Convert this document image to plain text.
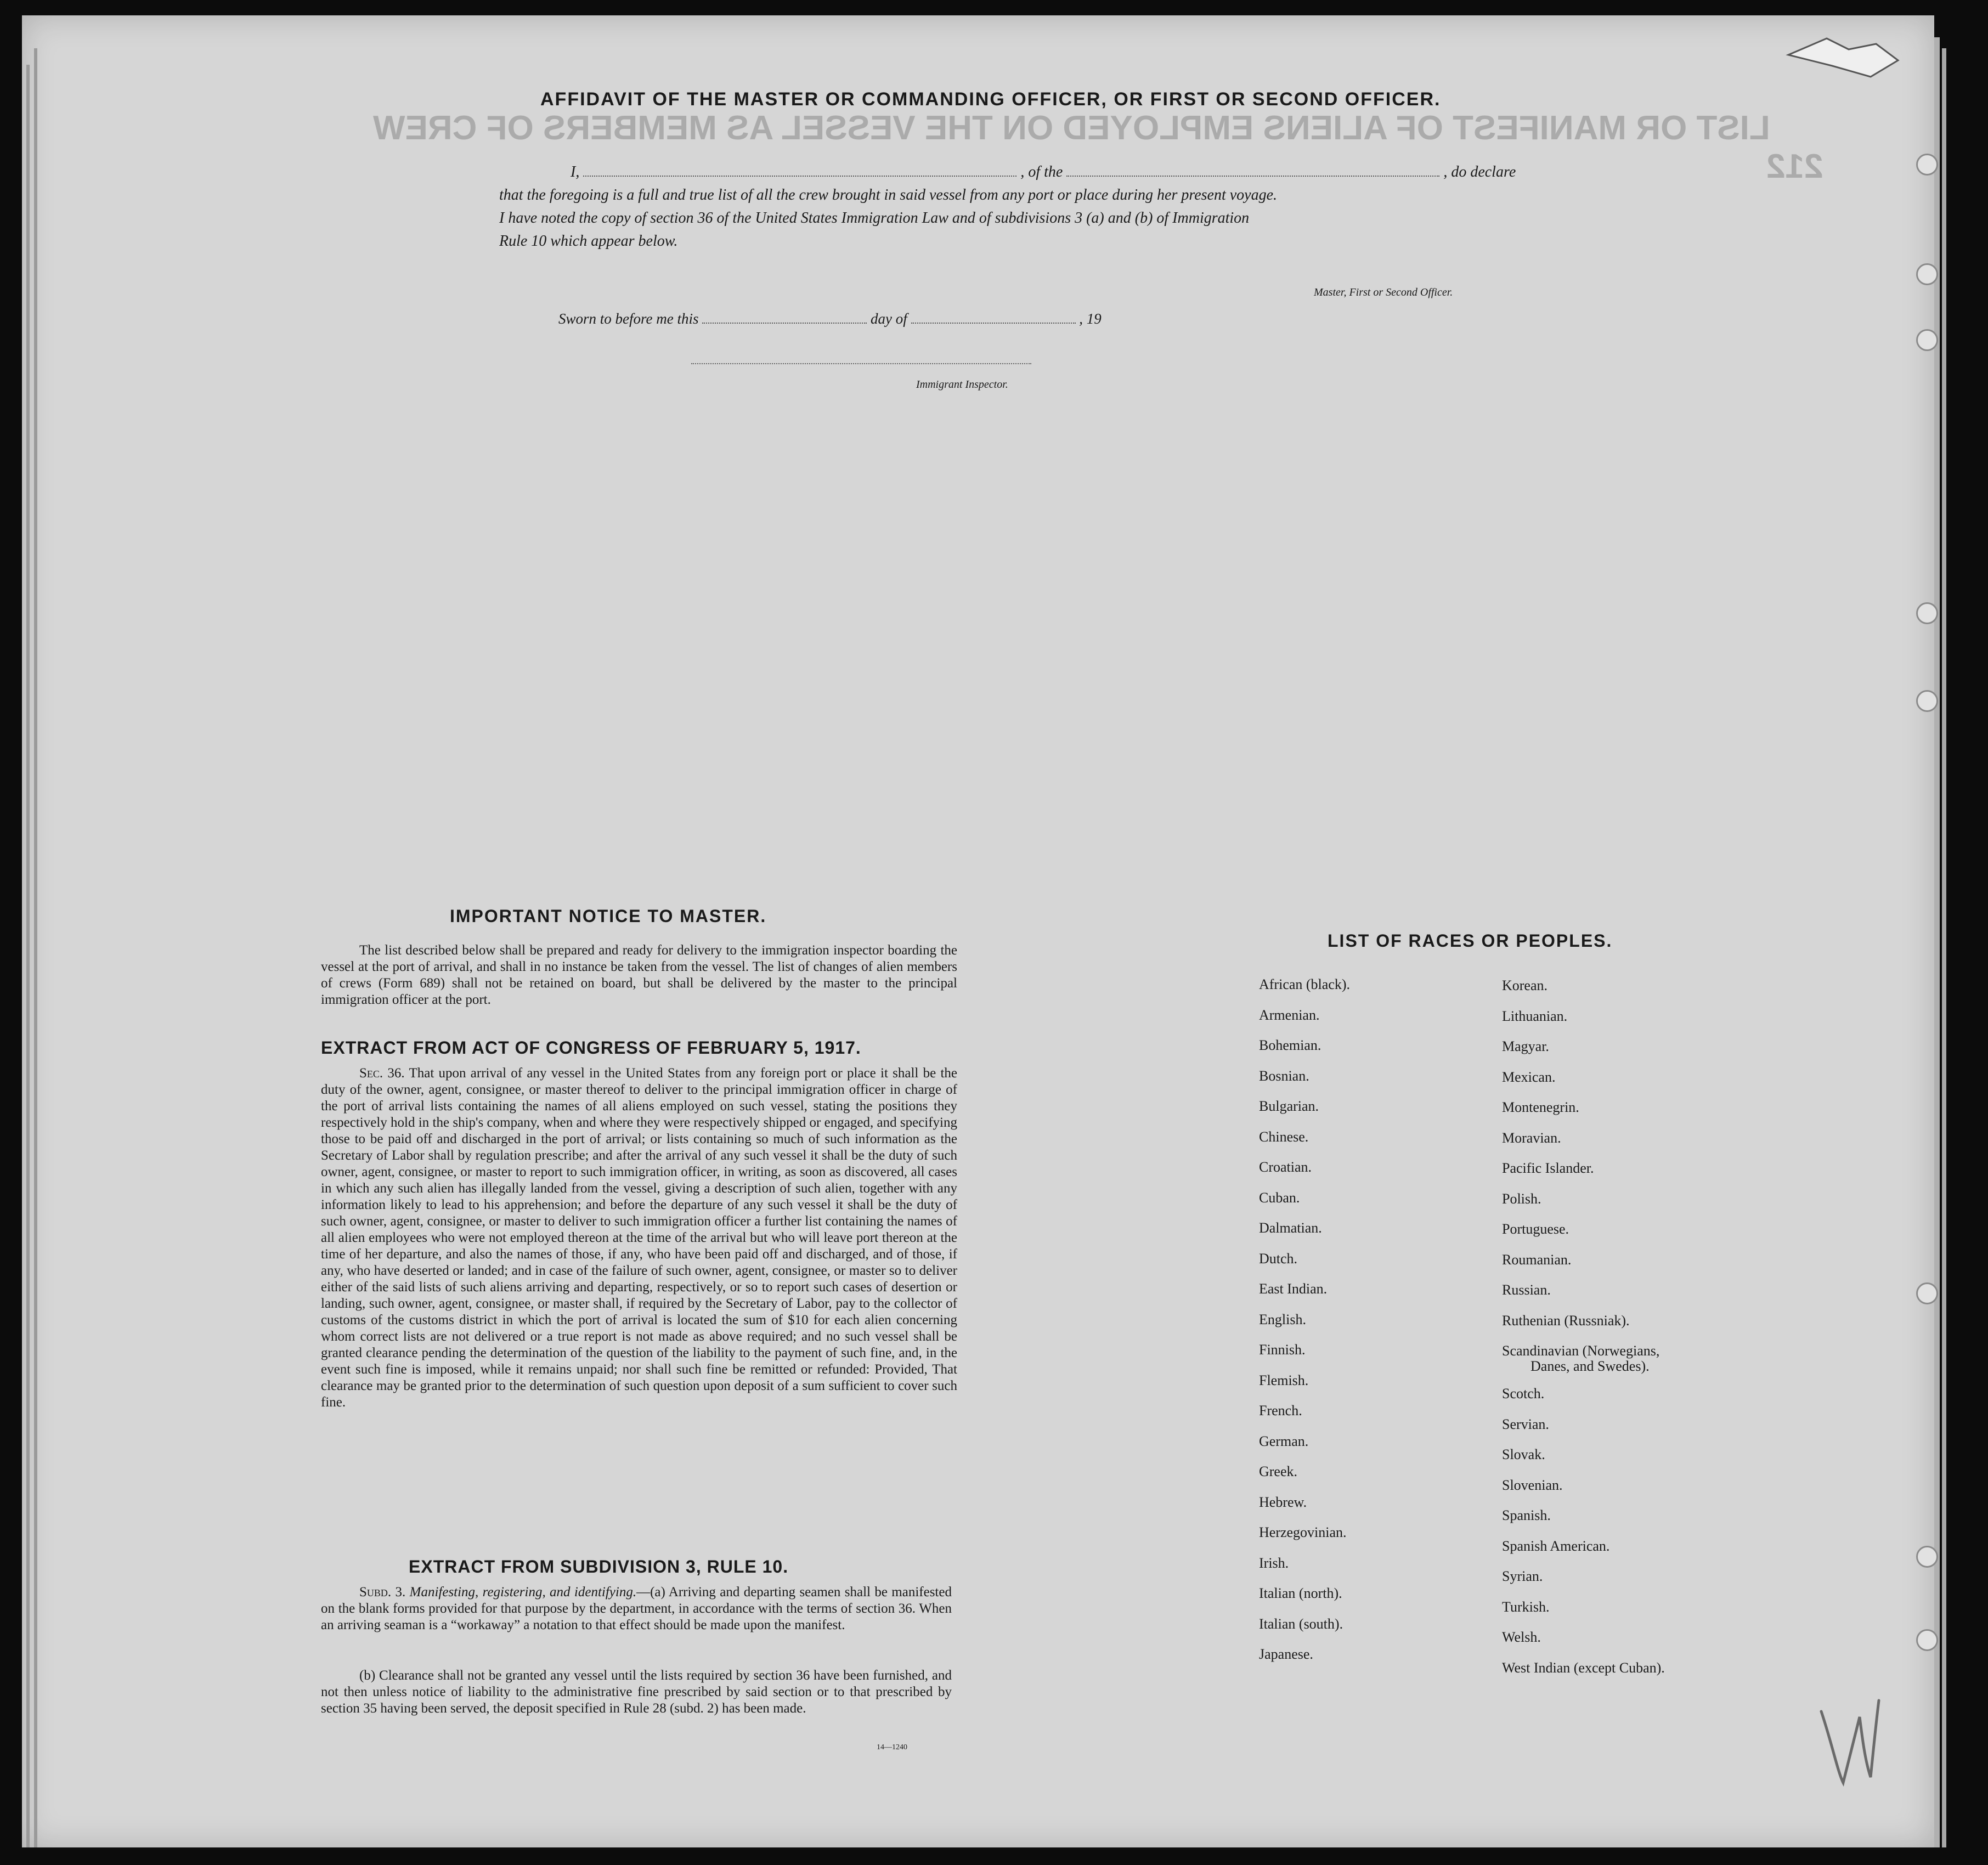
LIST OR MANIFEST OF ALIENS EMPLOYED ON THE VESSEL AS MEMBERS OF CREW
212
AFFIDAVIT OF THE MASTER OR COMMANDING OFFICER, OR FIRST OR SECOND OFFICER.
I,	, of the	, do declare
that the foregoing is a full and true list of all the crew brought in said vessel from any port or place during her present voyage.
I have noted the copy of section 36 of the United States Immigration Law and of subdivisions 3 (a) and (b) of Immigration
Rule 10 which appear below.
Master, First or Second Officer.
Sworn to before me this	day of	, 19
Immigrant Inspector.
IMPORTANT NOTICE TO MASTER.
The list described below shall be prepared and ready for delivery to the immigration inspector boarding the vessel at the port of arrival, and shall in no instance be taken from the vessel. The list of changes of alien members of crews (Form 689) shall not be retained on board, but shall be delivered by the master to the principal immigration officer at the port.
EXTRACT FROM ACT OF CONGRESS OF FEBRUARY 5, 1917.
Sec. 36. That upon arrival of any vessel in the United States from any foreign port or place it shall be the duty of the owner, agent, consignee, or master thereof to deliver to the principal immigration officer in charge of the port of arrival lists containing the names of all aliens employed on such vessel, stating the positions they respectively hold in the ship's company, when and where they were respectively shipped or engaged, and specifying those to be paid off and discharged in the port of arrival; or lists containing so much of such information as the Secretary of Labor shall by regulation prescribe; and after the arrival of any such vessel it shall be the duty of such owner, agent, consignee, or master to report to such immigration officer, in writing, as soon as discovered, all cases in which any such alien has illegally landed from the vessel, giving a description of such alien, together with any information likely to lead to his apprehension; and before the departure of any such vessel it shall be the duty of such owner, agent, consignee, or master to deliver to such immigration officer a further list containing the names of all alien employees who were not employed thereon at the time of the arrival but who will leave port thereon at the time of her departure, and also the names of those, if any, who have been paid off and discharged, and of those, if any, who have deserted or landed; and in case of the failure of such owner, agent, consignee, or master so to deliver either of the said lists of such aliens arriving and departing, respectively, or so to report such cases of desertion or landing, such owner, agent, consignee, or master shall, if required by the Secretary of Labor, pay to the collector of customs of the customs district in which the port of arrival is located the sum of $10 for each alien concerning whom correct lists are not delivered or a true report is not made as above required; and no such vessel shall be granted clearance pending the determination of the question of the liability to the payment of such fine, and, in the event such fine is imposed, while it remains unpaid; nor shall such fine be remitted or refunded: Provided, That clearance may be granted prior to the determination of such question upon deposit of a sum sufficient to cover such fine.
EXTRACT FROM SUBDIVISION 3, RULE 10.
Subd. 3. Manifesting, registering, and identifying.—(a) Arriving and departing seamen shall be manifested on the blank forms provided for that purpose by the department, in accordance with the terms of section 36. When an arriving seaman is a “workaway” a notation to that effect should be made upon the manifest.
(b) Clearance shall not be granted any vessel until the lists required by section 36 have been furnished, and not then unless notice of liability to the administrative fine prescribed by said section or to that prescribed by section 35 having been served, the deposit specified in Rule 28 (subd. 2) has been made.
14—1240
LIST OF RACES OR PEOPLES.
African (black).
Armenian.
Bohemian.
Bosnian.
Bulgarian.
Chinese.
Croatian.
Cuban.
Dalmatian.
Dutch.
East Indian.
English.
Finnish.
Flemish.
French.
German.
Greek.
Hebrew.
Herzegovinian.
Irish.
Italian (north).
Italian (south).
Japanese.
Korean.
Lithuanian.
Magyar.
Mexican.
Montenegrin.
Moravian.
Pacific Islander.
Polish.
Portuguese.
Roumanian.
Russian.
Ruthenian (Russniak).
Scandinavian (Norwegians,
Danes, and Swedes).
Scotch.
Servian.
Slovak.
Slovenian.
Spanish.
Spanish American.
Syrian.
Turkish.
Welsh.
West Indian (except Cuban).
